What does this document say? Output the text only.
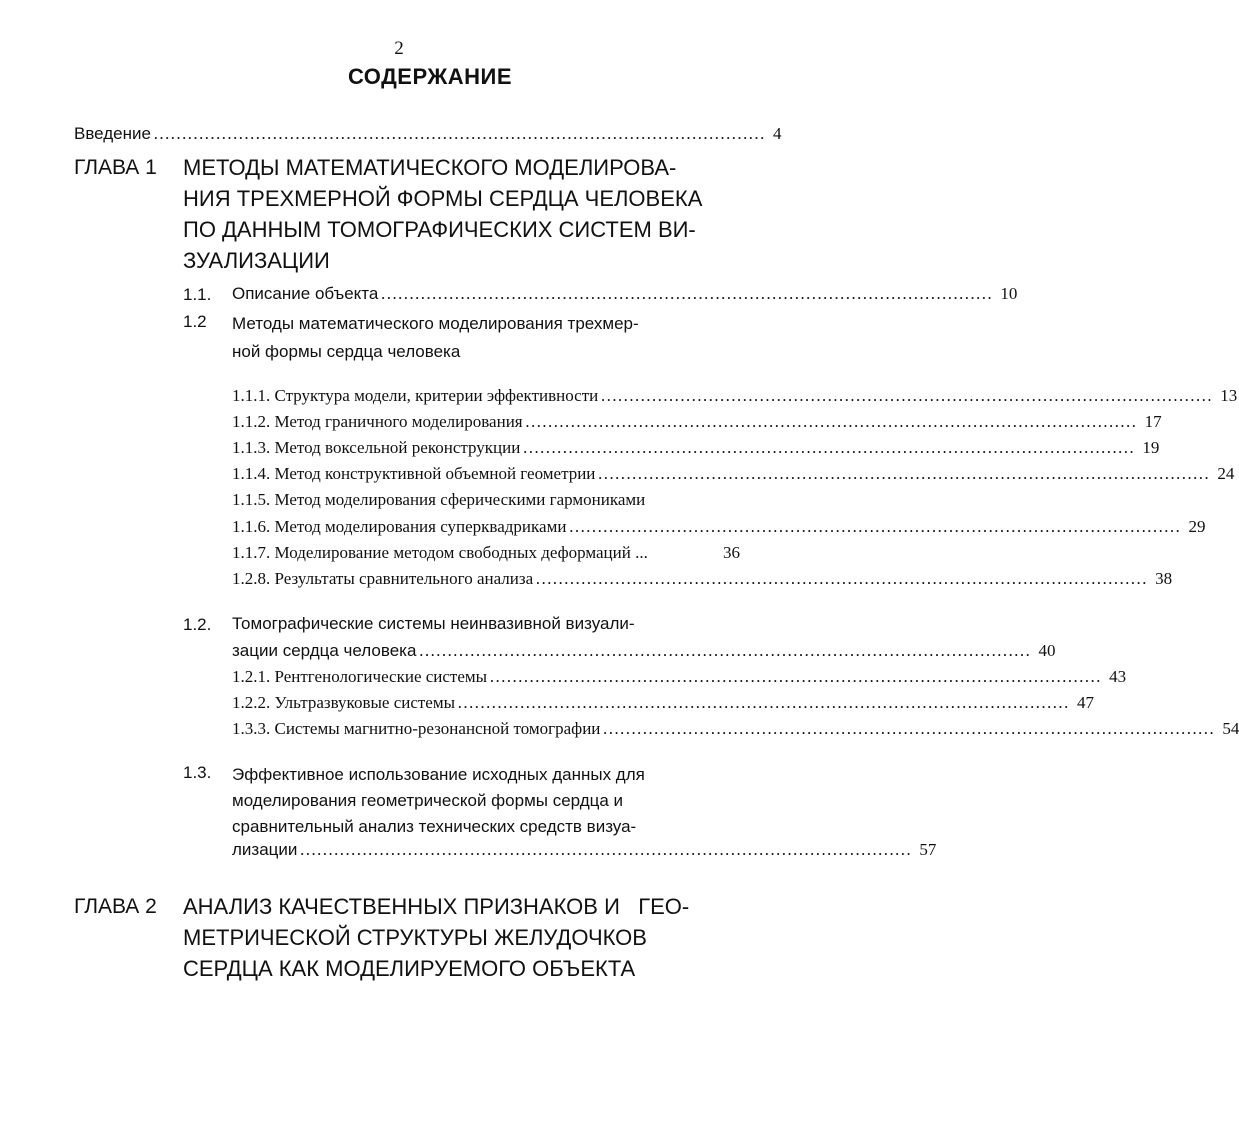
2
СОДЕРЖАНИЕ
Введение ……………………………………………………………………………………………… 4
ГЛАВА 1 МЕТОДЫ МАТЕМАТИЧЕСКОГО МОДЕЛИРОВА-
НИЯ ТРЕХМЕРНОЙ ФОРМЫ СЕРДЦА ЧЕЛОВЕКА
ПО ДАННЫМ ТОМОГРАФИЧЕСКИХ СИСТЕМ ВИ-
ЗУАЛИЗАЦИИ
1.1. Описание объекта ……………………………………………………………………………………………… 10
1.2 Методы математического моделирования трехмер-
ной формы сердца человека
1.1.1. Структура модели, критерии эффективности ……………………………………………………………………………………………… 13
1.1.2. Метод граничного моделирования ……………………………………………………………………………………………… 17
1.1.3. Метод воксельной реконструкции ……………………………………………………………………………………………… 19
1.1.4. Метод конструктивной объемной геометрии ……………………………………………………………………………………………… 24
1.1.5. Метод моделирования сферическими гармониками
1.1.6. Метод моделирования суперквадриками ……………………………………………………………………………………………… 29
1.1.7. Моделирование методом свободных деформаций ...	36
1.2.8. Результаты сравнительного анализа ……………………………………………………………………………………………… 38
1.2. Томографические системы неинвазивной визуали-
зации сердца человека ……………………………………………………………………………………………… 40
1.2.1. Рентгенологические системы ……………………………………………………………………………………………… 43
1.2.2. Ультразвуковые системы ……………………………………………………………………………………………… 47
1.3.3. Системы магнитно-резонансной томографии ……………………………………………………………………………………………… 54
1.3. Эффективное использование исходных данных для
моделирования геометрической формы сердца и
сравнительный анализ технических средств визуа-
лизации ……………………………………………………………………………………………… 57
ГЛАВА 2 АНАЛИЗ КАЧЕСТВЕННЫХ ПРИЗНАКОВ И   ГЕО-
МЕТРИЧЕСКОЙ СТРУКТУРЫ ЖЕЛУДОЧКОВ
СЕРДЦА КАК МОДЕЛИРУЕМОГО ОБЪЕКТА
